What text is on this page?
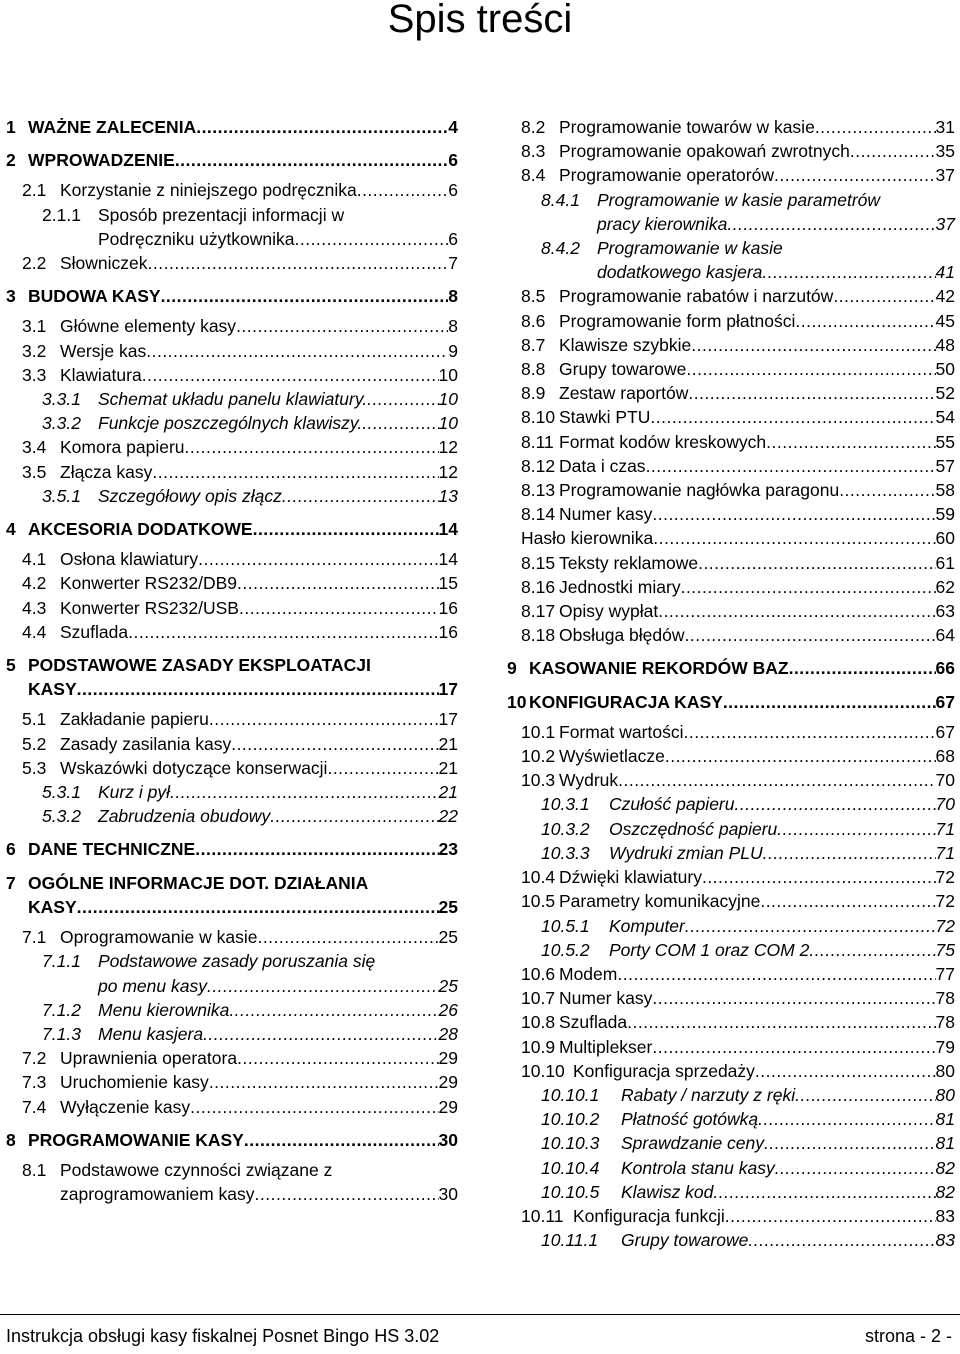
Spis treści
1 WAŻNE ZALECENIA .....	4
2 WPROWADZENIE .....	6
2.1 Korzystanie z niniejszego podręcznika .....	6
2.1.1 Sposób prezentacji informacji w
Podręczniku użytkownika .....	6
2.2 Słowniczek .....	7
3 BUDOWA KASY .....	8
3.1 Główne elementy kasy .....	8
3.2 Wersje kas .....	9
3.3 Klawiatura .....	10
3.3.1 Schemat układu panelu klawiatury. .....	10
3.3.2 Funkcje poszczególnych klawiszy. .....	10
3.4 Komora papieru .....	12
3.5 Złącza kasy .....	12
3.5.1 Szczegółowy opis złącz .....	13
4 AKCESORIA DODATKOWE .....	14
4.1 Osłona klawiatury .....	14
4.2 Konwerter RS232/DB9 .....	15
4.3 Konwerter RS232/USB .....	16
4.4 Szuflada .....	16
5 PODSTAWOWE ZASADY EKSPLOATACJI
KASY .....	17
5.1 Zakładanie papieru .....	17
5.2 Zasady zasilania kasy .....	21
5.3 Wskazówki dotyczące konserwacji .....	21
5.3.1 Kurz i pył .....	21
5.3.2 Zabrudzenia obudowy .....	22
6 DANE TECHNICZNE .....	23
7 OGÓLNE INFORMACJE DOT. DZIAŁANIA
KASY .....	25
7.1 Oprogramowanie w kasie .....	25
7.1.1 Podstawowe zasady poruszania się
po menu kasy .....	25
7.1.2 Menu kierownika .....	26
7.1.3 Menu kasjera .....	28
7.2 Uprawnienia operatora .....	29
7.3 Uruchomienie kasy .....	29
7.4 Wyłączenie kasy .....	29
8 PROGRAMOWANIE KASY .....	30
8.1 Podstawowe czynności związane z
zaprogramowaniem kasy .....	30
8.2 Programowanie towarów w kasie .....	31
8.3 Programowanie opakowań zwrotnych .....	35
8.4 Programowanie operatorów .....	37
8.4.1 Programowanie w kasie parametrów
pracy kierownika .....	37
8.4.2 Programowanie w kasie
dodatkowego kasjera .....	41
8.5 Programowanie rabatów i narzutów .....	42
8.6 Programowanie form płatności .....	45
8.7 Klawisze szybkie .....	48
8.8 Grupy towarowe .....	50
8.9 Zestaw raportów .....	52
8.10 Stawki PTU .....	54
8.11 Format kodów kreskowych .....	55
8.12 Data i czas .....	57
8.13 Programowanie nagłówka paragonu .....	58
8.14 Numer kasy .....	59
Hasło kierownika .....	60
8.15 Teksty reklamowe .....	61
8.16 Jednostki miary .....	62
8.17 Opisy wypłat .....	63
8.18 Obsługa błędów .....	64
9 KASOWANIE REKORDÓW BAZ .....	66
10 KONFIGURACJA KASY .....	67
10.1 Format wartości .....	67
10.2 Wyświetlacze .....	68
10.3 Wydruk .....	70
10.3.1	Czułość papieru .....	70
10.3.2	Oszczędność papieru .....	71
10.3.3	Wydruki zmian PLU .....	71
10.4 Dźwięki klawiatury .....	72
10.5 Parametry komunikacyjne .....	72
10.5.1	Komputer .....	72
10.5.2	Porty COM 1 oraz COM 2 .....	75
10.6 Modem .....	77
10.7 Numer kasy .....	78
10.8 Szuflada .....	78
10.9 Multiplekser .....	79
10.10 Konfiguracja sprzedaży .....	80
10.10.1	Rabaty / narzuty z ręki .....	80
10.10.2	Płatność gotówką .....	81
10.10.3	Sprawdzanie ceny .....	81
10.10.4	Kontrola stanu kasy .....	82
10.10.5	Klawisz kod .....	82
10.11 Konfiguracja funkcji .....	83
10.11.1	Grupy towarowe .....	83
Instrukcja obsługi kasy fiskalnej Posnet Bingo HS 3.02	strona - 2 -
